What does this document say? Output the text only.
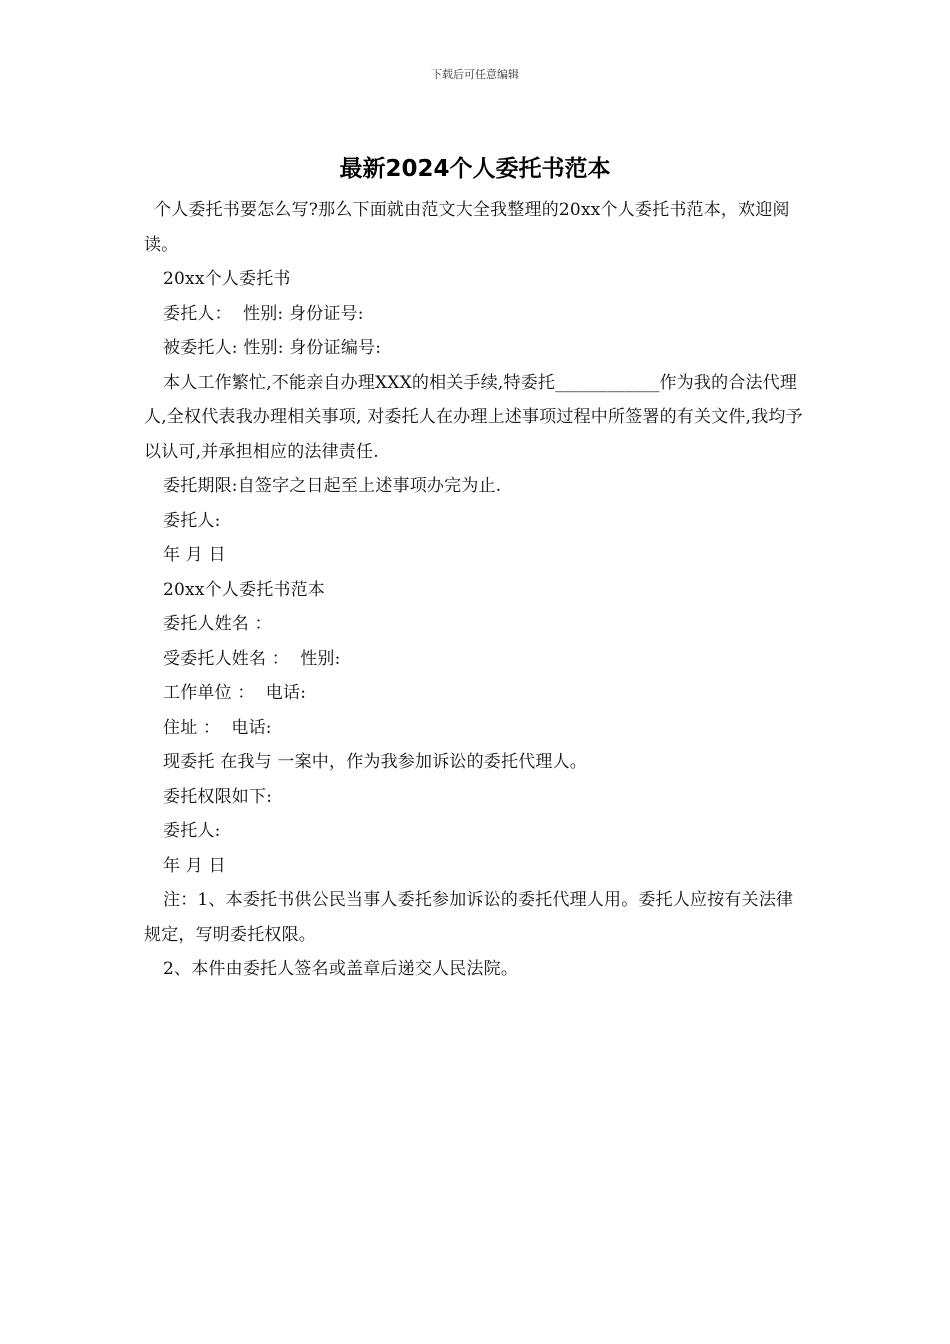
下载后可任意编辑
最新2024个人委托书范本

个人委托书要怎么写?那么下面就由范文大全我整理的20xx个人委托书范本，欢迎阅读。

20xx个人委托书

委托人：  性别: 身份证号:

被委托人: 性别: 身份证编号:

本人工作繁忙,不能亲自办理XXX的相关手续,特委托____________作为我的合法代理人,全权代表我办理相关事项, 对委托人在办理上述事项过程中所签署的有关文件,我均予以认可,并承担相应的法律责任.

委托期限:自签字之日起至上述事项办完为止.

委托人:

年 月 日

20xx个人委托书范本

委托人姓名 ：

受委托人姓名 ：  性别:

工作单位 ：  电话:

住址 ：  电话:

现委托 在我与 一案中，作为我参加诉讼的委托代理人。

委托权限如下:

委托人:

年 月 日

注：1、本委托书供公民当事人委托参加诉讼的委托代理人用。委托人应按有关法律规定，写明委托权限。

2、本件由委托人签名或盖章后递交人民法院。
